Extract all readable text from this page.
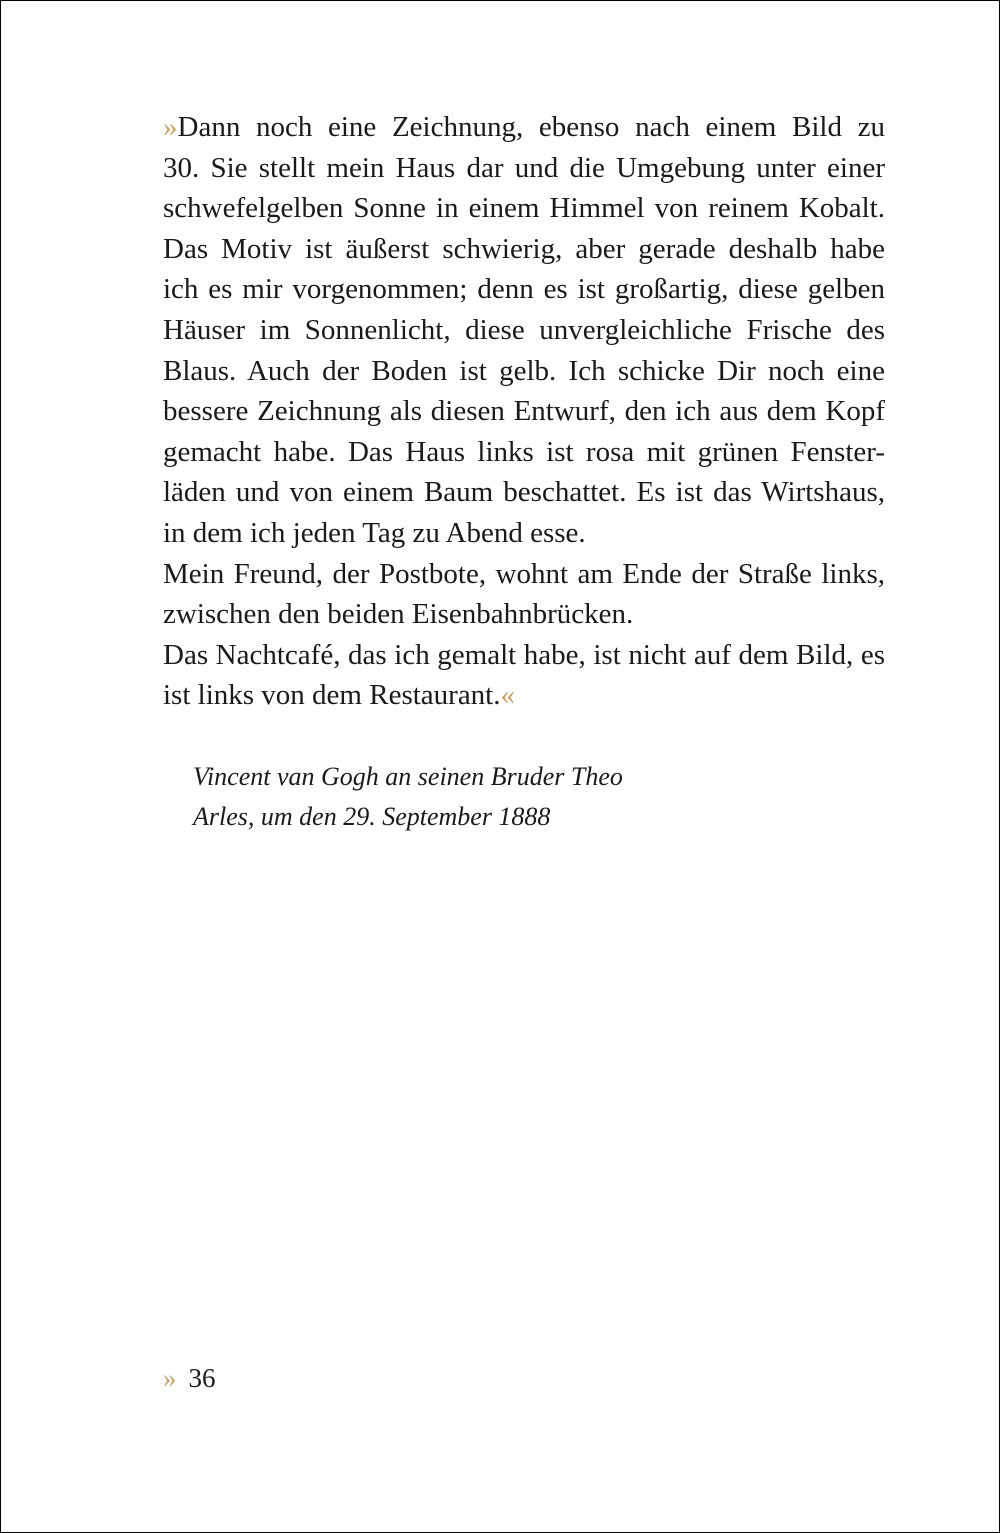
»Dann noch eine Zeichnung, ebenso nach einem Bild zu
30. Sie stellt mein Haus dar und die Umgebung unter einer
schwefelgelben Sonne in einem Himmel von reinem Kobalt.
Das Motiv ist äußerst schwierig, aber gerade deshalb habe
ich es mir vorgenommen; denn es ist großartig, diese gelben
Häuser im Sonnenlicht, diese unvergleichliche Frische des
Blaus. Auch der Boden ist gelb. Ich schicke Dir noch eine
bessere Zeichnung als diesen Entwurf, den ich aus dem Kopf
gemacht habe. Das Haus links ist rosa mit grünen Fenster-
läden und von einem Baum beschattet. Es ist das Wirtshaus,
in dem ich jeden Tag zu Abend esse.
Mein Freund, der Postbote, wohnt am Ende der Straße links,
zwischen den beiden Eisenbahnbrücken.
Das Nachtcafé, das ich gemalt habe, ist nicht auf dem Bild, es
ist links von dem Restaurant.«
Vincent van Gogh an seinen Bruder Theo
Arles, um den 29. September 1888
» 36
